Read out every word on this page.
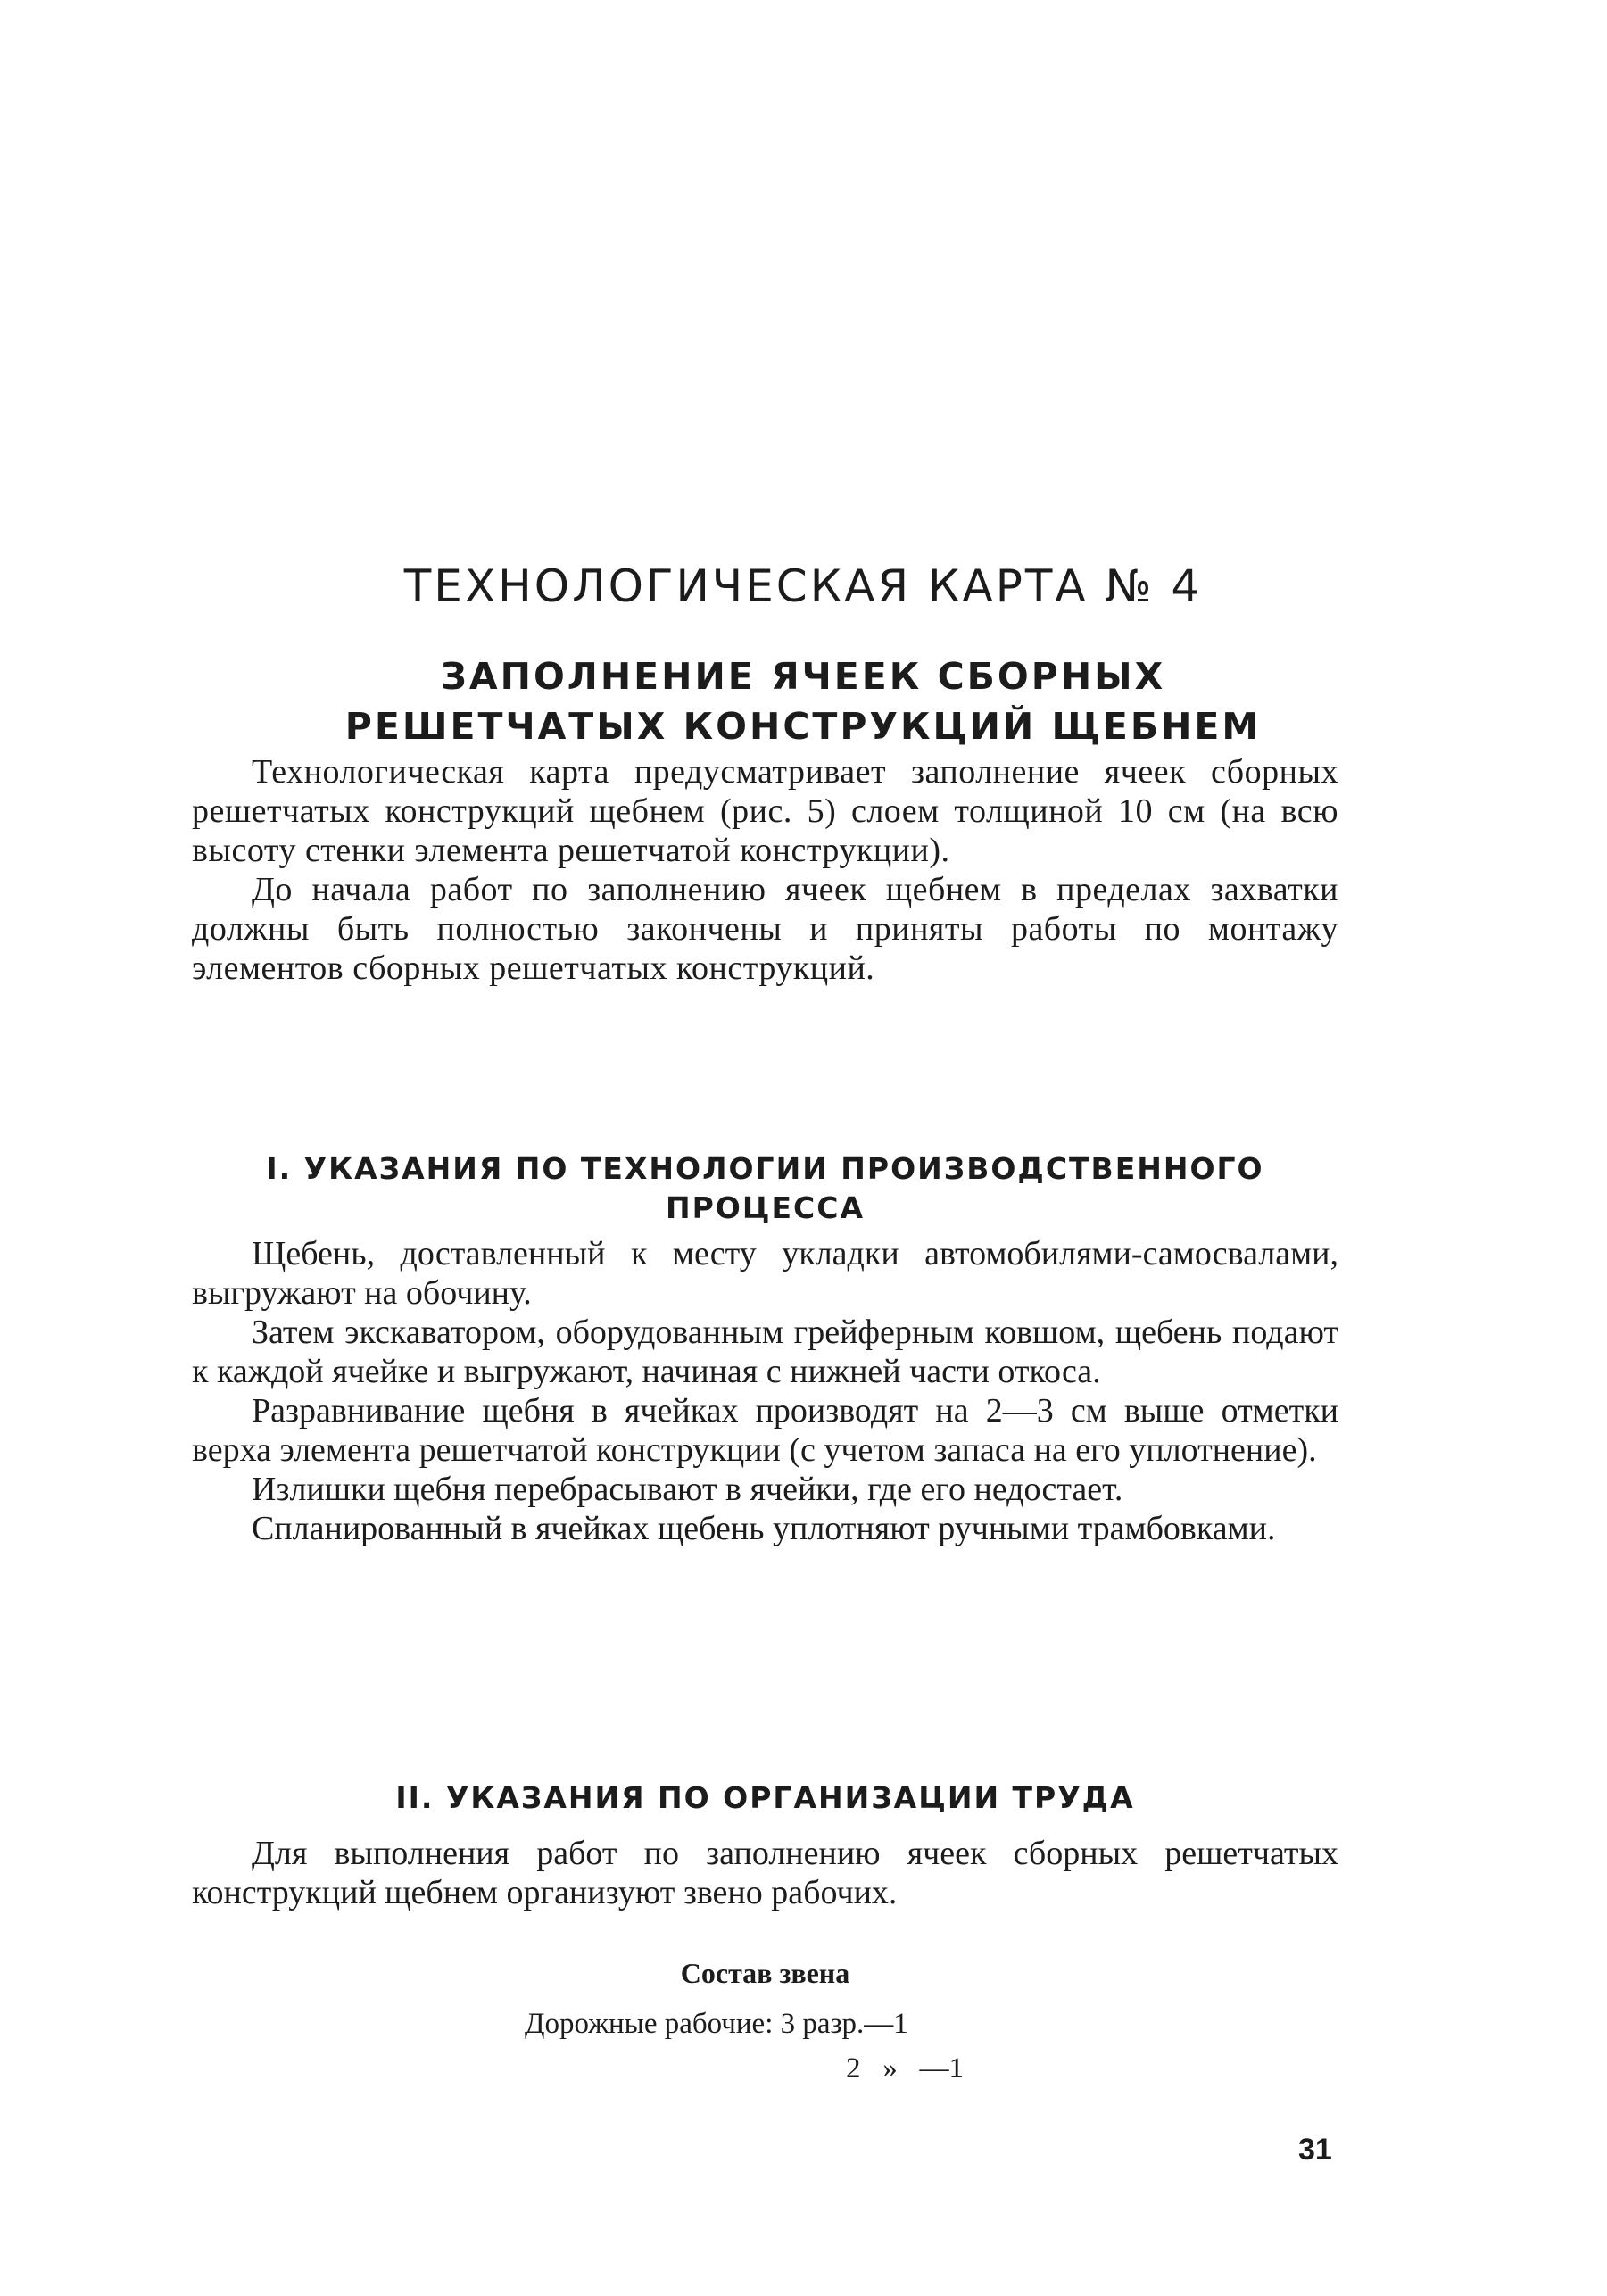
ТЕХНОЛОГИЧЕСКАЯ КАРТА № 4
ЗАПОЛНЕНИЕ ЯЧЕЕК СБОРНЫХ
РЕШЕТЧАТЫХ КОНСТРУКЦИЙ ЩЕБНЕМ

Технологическая карта предусматривает заполнение ячеек сборных решетчатых конструкций щебнем (рис. 5) слоем толщиной 10 см (на всю высоту стенки элемента решетчатой конструкции).

До начала работ по заполнению ячеек щебнем в пределах захватки должны быть полностью закончены и приняты работы по монтажу элементов сборных решетчатых конструкций.

I. УКАЗАНИЯ ПО ТЕХНОЛОГИИ ПРОИЗВОДСТВЕННОГО
ПРОЦЕССА

Щебень, доставленный к месту укладки автомобилями-самосвалами, выгружают на обочину.

Затем экскаватором, оборудованным грейферным ковшом, щебень подают к каждой ячейке и выгружают, начиная с нижней части откоса.

Разравнивание щебня в ячейках производят на 2—3 см выше отметки верха элемента решетчатой конструкции (с учетом запаса на его уплотнение).

Излишки щебня перебрасывают в ячейки, где его недостает.

Спланированный в ячейках щебень уплотняют ручными трамбовками.

II. УКАЗАНИЯ ПО ОРГАНИЗАЦИИ ТРУДА

Для выполнения работ по заполнению ячеек сборных решетчатых конструкций щебнем организуют звено рабочих.

Состав звена
Дорожные рабочие: 3 разр.—1
2   »   —1
31
